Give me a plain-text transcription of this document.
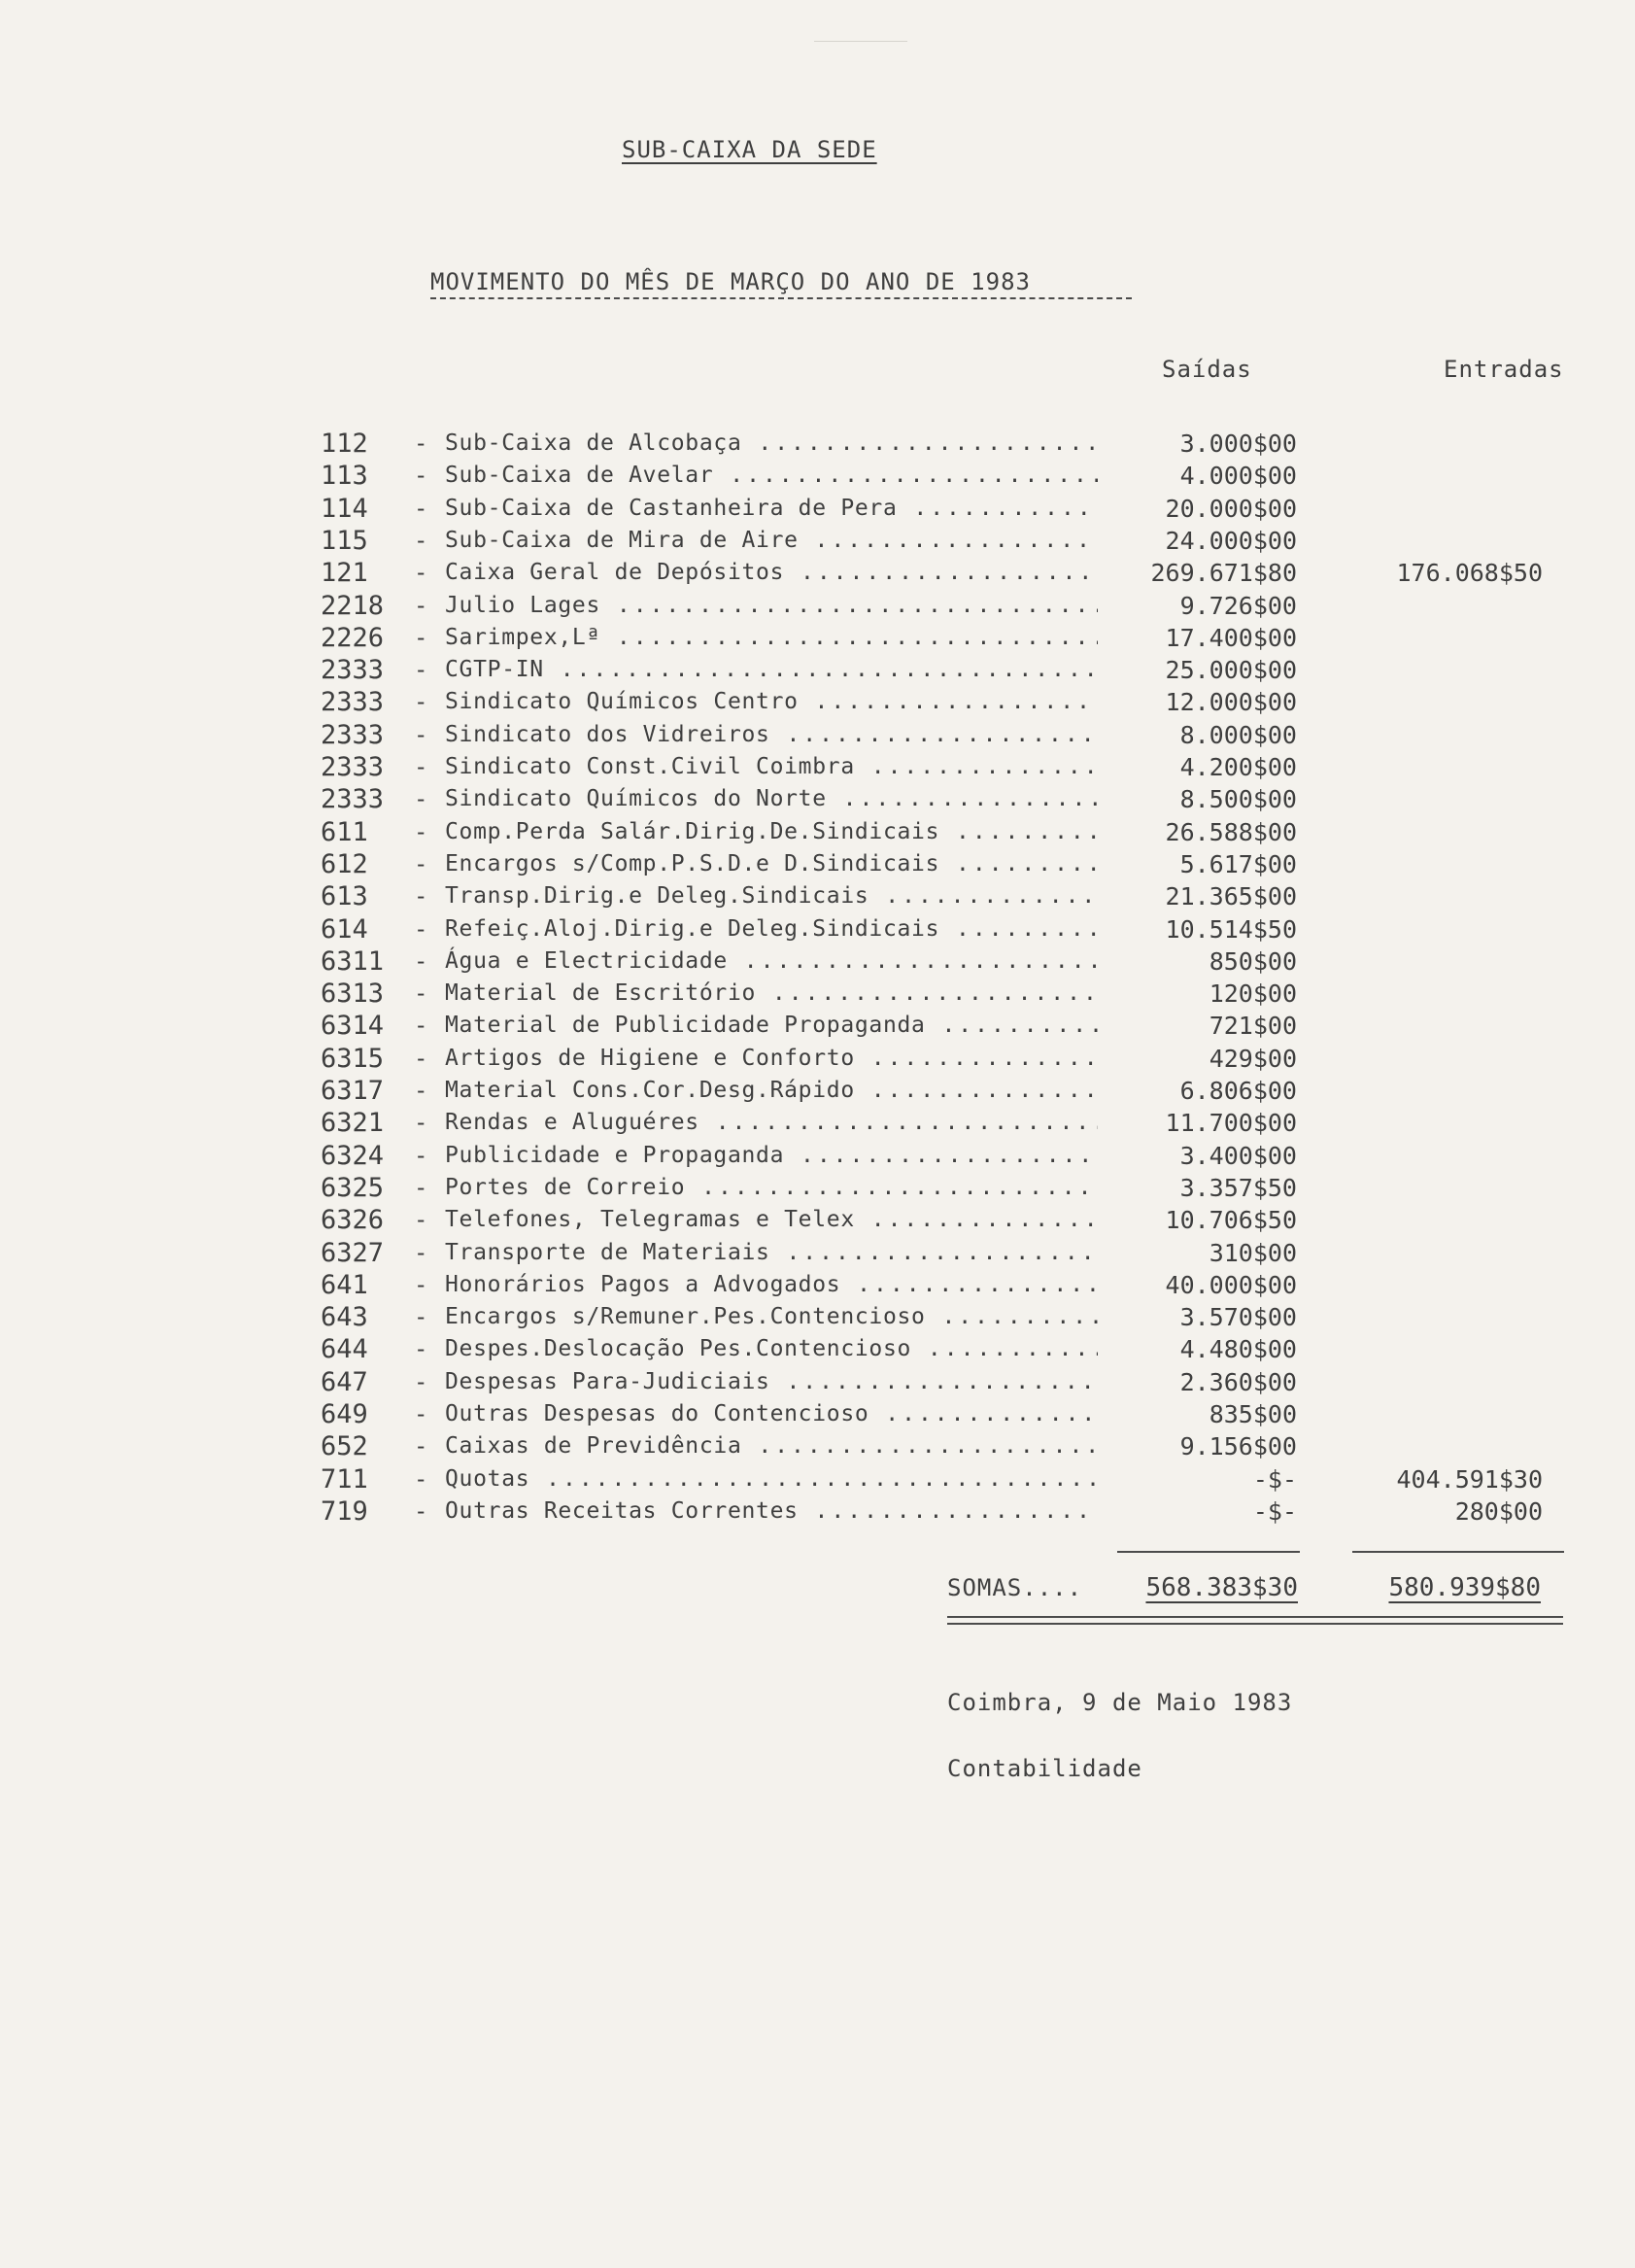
SUB-CAIXA DA SEDE
MOVIMENTO DO MÊS DE MARÇO DO ANO DE 1983
Saídas	Entradas
112	- Sub-Caixa de Alcobaça .....	3.000$00
113	- Sub-Caixa de Avelar .....	4.000$00
114	- Sub-Caixa de Castanheira de Pera .....	20.000$00
115	- Sub-Caixa de Mira de Aire .....	24.000$00
121	- Caixa Geral de Depósitos .....	269.671$80	176.068$50
2218	- Julio Lages .....	9.726$00
2226	- Sarimpex,Lª .....	17.400$00
2333	- CGTP-IN .....	25.000$00
2333	- Sindicato Químicos Centro .....	12.000$00
2333	- Sindicato dos Vidreiros .....	8.000$00
2333	- Sindicato Const.Civil Coimbra .....	4.200$00
2333	- Sindicato Químicos do Norte .....	8.500$00
611	- Comp.Perda Salár.Dirig.De.Sindicais .....	26.588$00
612	- Encargos s/Comp.P.S.D.e D.Sindicais .....	5.617$00
613	- Transp.Dirig.e Deleg.Sindicais .....	21.365$00
614	- Refeiç.Aloj.Dirig.e Deleg.Sindicais .....	10.514$50
6311	- Água e Electricidade .....	850$00
6313	- Material de Escritório .....	120$00
6314	- Material de Publicidade Propaganda .....	721$00
6315	- Artigos de Higiene e Conforto .....	429$00
6317	- Material Cons.Cor.Desg.Rápido .....	6.806$00
6321	- Rendas e Aluguéres .....	11.700$00
6324	- Publicidade e Propaganda .....	3.400$00
6325	- Portes de Correio .....	3.357$50
6326	- Telefones, Telegramas e Telex .....	10.706$50
6327	- Transporte de Materiais .....	310$00
641	- Honorários Pagos a Advogados .....	40.000$00
643	- Encargos s/Remuner.Pes.Contencioso .....	3.570$00
644	- Despes.Deslocação Pes.Contencioso .....	4.480$00
647	- Despesas Para-Judiciais .....	2.360$00
649	- Outras Despesas do Contencioso .....	835$00
652	- Caixas de Previdência .....	9.156$00
711	- Quotas .....	-$-	404.591$30
719	- Outras Receitas Correntes .....	-$-	280$00
SOMAS....	568.383$30	580.939$80
Coimbra, 9 de Maio 1983
Contabilidade
